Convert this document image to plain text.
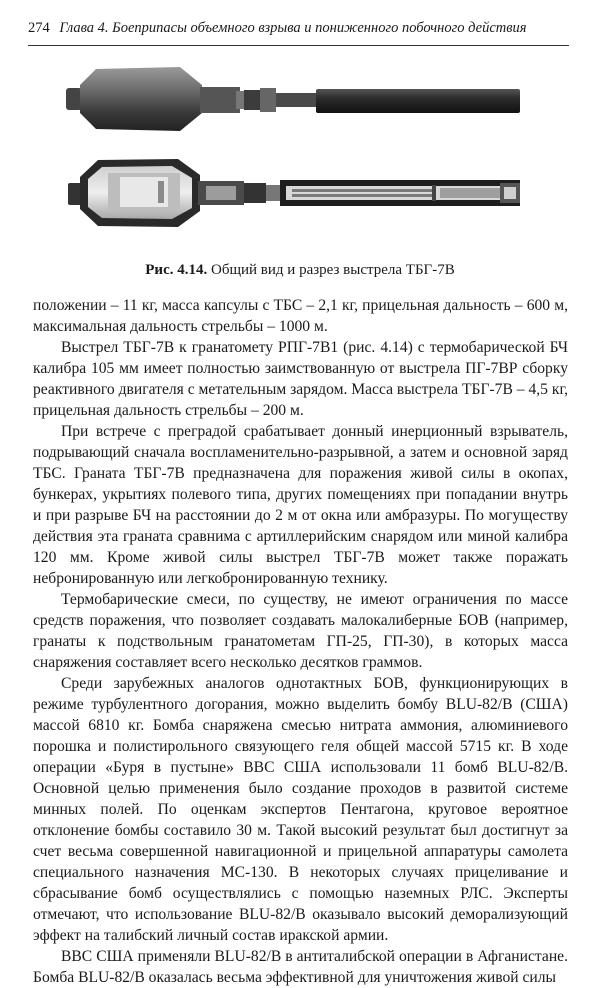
274 Глава 4. Боеприпасы объемного взрыва и пониженного побочного действия
Рис. 4.14. Общий вид и разрез выстрела ТБГ-7В

положении – 11 кг, масса капсулы с ТБС – 2,1 кг, прицельная дальность – 600 м, максимальная дальность стрельбы – 1000 м.

Выстрел ТБГ-7В к гранатомету РПГ-7В1 (рис. 4.14) с термобарической БЧ калибра 105 мм имеет полностью заимствованную от выстрела ПГ-7ВР сборку реактивного двигателя с метательным зарядом. Масса выстрела ТБГ-7В – 4,5 кг, прицельная дальность стрельбы – 200 м.

При встрече с преградой срабатывает донный инерционный взрыватель, подрывающий сначала воспламенительно-разрывной, а затем и основной заряд ТБС. Граната ТБГ-7В предназначена для поражения живой силы в окопах, бункерах, укрытиях полевого типа, других помещениях при попадании внутрь и при разрыве БЧ на расстоянии до 2 м от окна или амбразуры. По могуществу действия эта граната сравнима с артиллерийским снарядом или миной калибра 120 мм. Кроме живой силы выстрел ТБГ-7В может также поражать небронированную или легкобронированную технику.

Термобарические смеси, по существу, не имеют ограничения по массе средств поражения, что позволяет создавать малокалиберные БОВ (например, гранаты к подствольным гранатометам ГП-25, ГП-30), в которых масса снаряжения составляет всего несколько десятков граммов.

Среди зарубежных аналогов однотактных БОВ, функционирующих в режиме турбулентного догорания, можно выделить бомбу BLU-82/B (США) массой 6810 кг. Бомба снаряжена смесью нитрата аммония, алюминиевого порошка и полистирольного связующего геля общей массой 5715 кг. В ходе операции «Буря в пустыне» ВВС США использовали 11 бомб BLU-82/B. Основной целью применения было создание проходов в развитой системе минных полей. По оценкам экспертов Пентагона, круговое вероятное отклонение бомбы составило 30 м. Такой высокий результат был достигнут за счет весьма совершенной навигационной и прицельной аппаратуры самолета специального назначения МС-130. В некоторых случаях прицеливание и сбрасывание бомб осуществлялись с помощью наземных РЛС. Эксперты отмечают, что использование BLU-82/B оказывало высокий деморализующий эффект на талибский личный состав иракской армии.

ВВС США применяли BLU-82/B в антиталибской операции в Афганистане. Бомба BLU-82/B оказалась весьма эффективной для уничтожения живой силы
